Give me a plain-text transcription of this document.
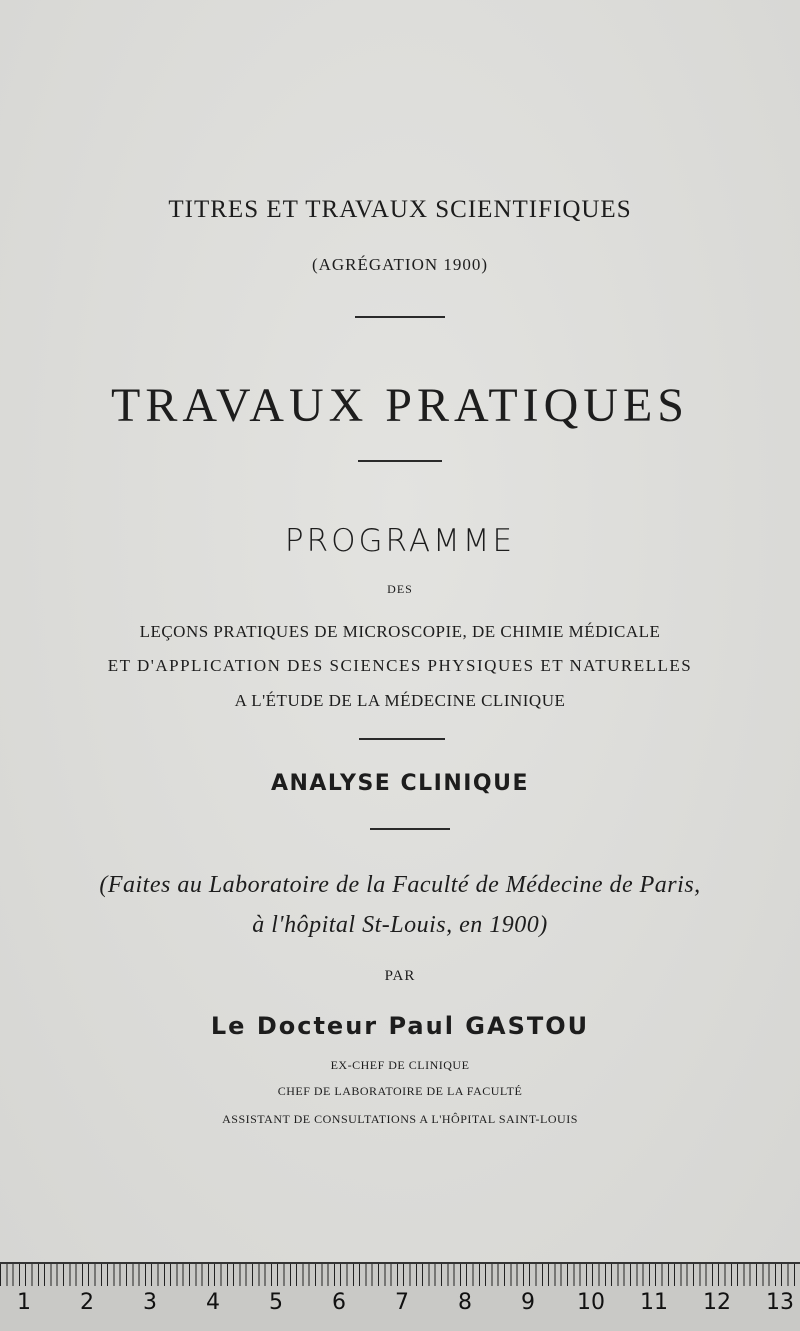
TITRES ET TRAVAUX SCIENTIFIQUES
(AGRÉGATION 1900)
TRAVAUX PRATIQUES
PROGRAMME
DES
LEÇONS PRATIQUES DE MICROSCOPIE, DE CHIMIE MÉDICALE
ET D'APPLICATION DES SCIENCES PHYSIQUES ET NATURELLES
A L'ÉTUDE DE LA MÉDECINE CLINIQUE
ANALYSE CLINIQUE
(Faites au Laboratoire de la Faculté de Médecine de Paris,
à l'hôpital St-Louis, en 1900)
PAR
Le Docteur Paul GASTOU
EX-CHEF DE CLINIQUE
CHEF DE LABORATOIRE DE LA FACULTÉ
ASSISTANT DE CONSULTATIONS A L'HÔPITAL SAINT-LOUIS
1	2	3	4	5	6	7	8	9	10 11 12 13
